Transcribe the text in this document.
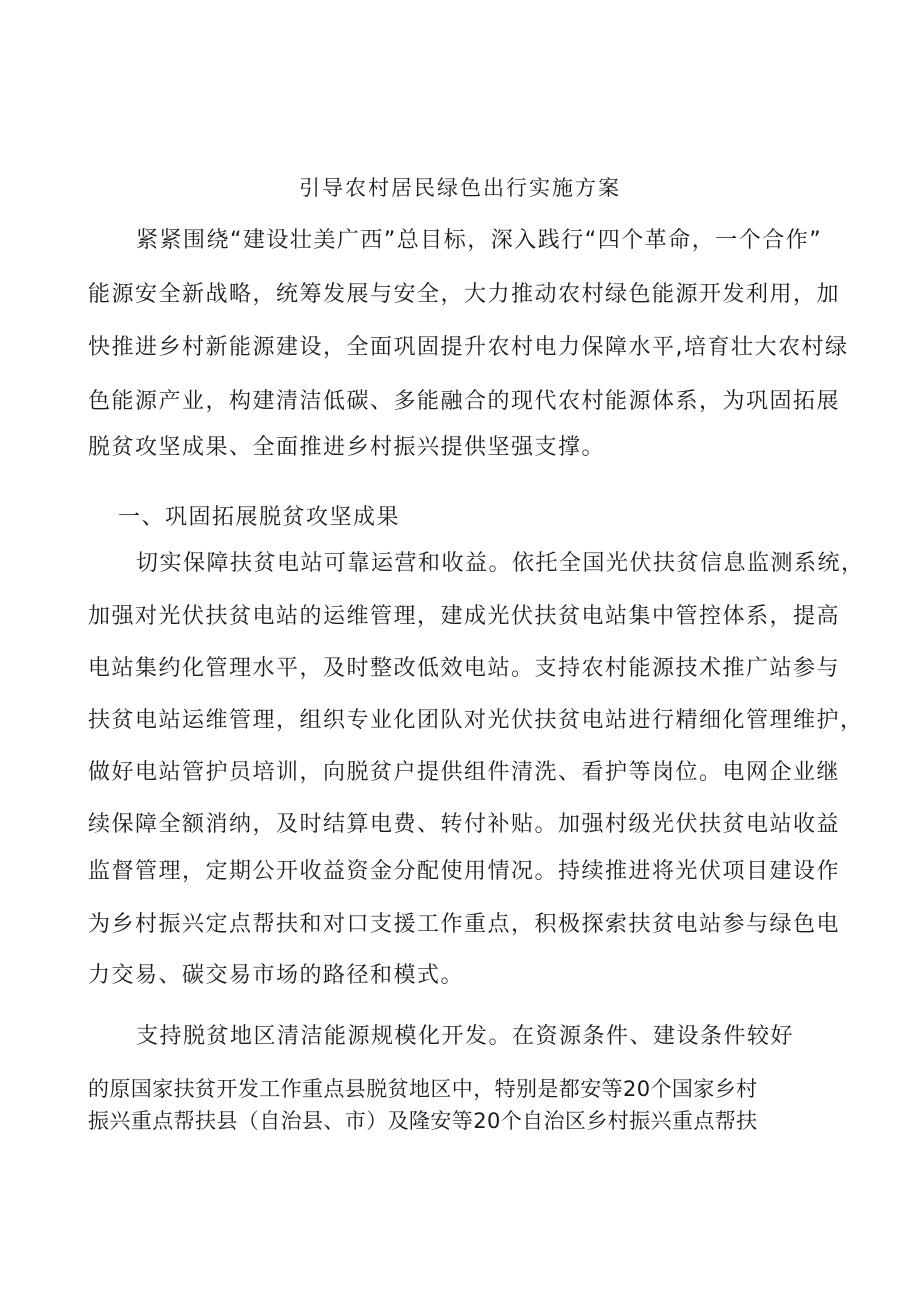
引导农村居民绿色出行实施方案
紧紧围绕“建设壮美广西”总目标，深入践行“四个革命，一个合作”
能源安全新战略，统筹发展与安全，大力推动农村绿色能源开发利用，加
快推进乡村新能源建设，全面巩固提升农村电力保障水平,培育壮大农村绿
色能源产业，构建清洁低碳、多能融合的现代农村能源体系，为巩固拓展
脱贫攻坚成果、全面推进乡村振兴提供坚强支撑。
一、巩固拓展脱贫攻坚成果
切实保障扶贫电站可靠运营和收益。依托全国光伏扶贫信息监测系统，
加强对光伏扶贫电站的运维管理，建成光伏扶贫电站集中管控体系，提高
电站集约化管理水平，及时整改低效电站。支持农村能源技术推广站参与
扶贫电站运维管理，组织专业化团队对光伏扶贫电站进行精细化管理维护，
做好电站管护员培训，向脱贫户提供组件清洗、看护等岗位。电网企业继
续保障全额消纳，及时结算电费、转付补贴。加强村级光伏扶贫电站收益
监督管理，定期公开收益资金分配使用情况。持续推进将光伏项目建设作
为乡村振兴定点帮扶和对口支援工作重点，积极探索扶贫电站参与绿色电
力交易、碳交易市场的路径和模式。
支持脱贫地区清洁能源规模化开发。在资源条件、建设条件较好
的原国家扶贫开发工作重点县脱贫地区中，特别是都安等20个国家乡村
振兴重点帮扶县（自治县、市）及隆安等20个自治区乡村振兴重点帮扶
